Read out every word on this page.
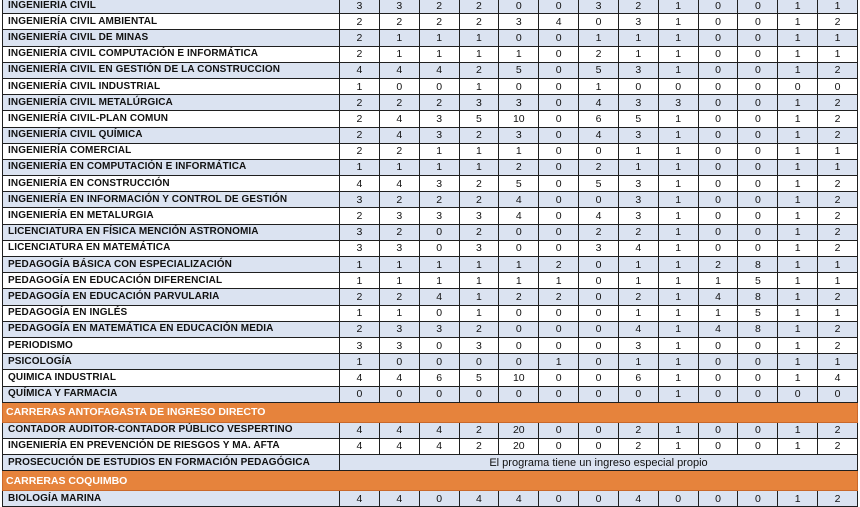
INGENIERÍA CIVIL	3	3	2	2	0	0	3	2	1	0	0	1	1
INGENIERÍA CIVIL AMBIENTAL	2	2	2	2	3	4	0	3	1	0	0	1	2
INGENIERÍA CIVIL DE MINAS	2	1	1	1	0	0	1	1	1	0	0	1	1
INGENIERÍA CIVIL COMPUTACIÓN E INFORMÁTICA	2	1	1	1	1	0	2	1	1	0	0	1	1
INGENIERÍA CIVIL EN GESTIÓN DE LA CONSTRUCCION	4	4	4	2	5	0	5	3	1	0	0	1	2
INGENIERÍA CIVIL INDUSTRIAL	1	0	0	1	0	0	1	0	0	0	0	0	0
INGENIERÍA CIVIL METALÚRGICA	2	2	2	3	3	0	4	3	3	0	0	1	2
INGENIERÍA CIVIL-PLAN COMUN	2	4	3	5	10	0	6	5	1	0	0	1	2
INGENIERÍA CIVIL QUÍMICA	2	4	3	2	3	0	4	3	1	0	0	1	2
INGENIERÍA COMERCIAL	2	2	1	1	1	0	0	1	1	0	0	1	1
INGENIERÍA EN COMPUTACIÓN E INFORMÁTICA	1	1	1	1	2	0	2	1	1	0	0	1	1
INGENIERÍA EN CONSTRUCCIÓN	4	4	3	2	5	0	5	3	1	0	0	1	2
INGENIERÍA EN INFORMACIÓN Y CONTROL DE GESTIÓN	3	2	2	2	4	0	0	3	1	0	0	1	2
INGENIERÍA EN METALURGIA	2	3	3	3	4	0	4	3	1	0	0	1	2
LICENCIATURA EN FÍSICA MENCIÓN ASTRONOMIA	3	2	0	2	0	0	2	2	1	0	0	1	2
LICENCIATURA EN MATEMÁTICA	3	3	0	3	0	0	3	4	1	0	0	1	2
PEDAGOGÍA BÁSICA CON ESPECIALIZACIÓN	1	1	1	1	1	2	0	1	1	2	8	1	1
PEDAGOGÍA EN EDUCACIÓN DIFERENCIAL	1	1	1	1	1	1	0	1	1	1	5	1	1
PEDAGOGÍA EN EDUCACIÓN PARVULARIA	2	2	4	1	2	2	0	2	1	4	8	1	2
PEDAGOGÍA EN INGLÉS	1	1	0	1	0	0	0	1	1	1	5	1	1
PEDAGOGÍA EN MATEMÁTICA EN EDUCACIÓN MEDIA	2	3	3	2	0	0	0	4	1	4	8	1	2
PERIODISMO	3	3	0	3	0	0	0	3	1	0	0	1	2
PSICOLOGÍA	1	0	0	0	0	1	0	1	1	0	0	1	1
QUIMICA INDUSTRIAL	4	4	6	5	10	0	0	6	1	0	0	1	4
QUÍMICA Y FARMACIA	0	0	0	0	0	0	0	0	1	0	0	0	0
CARRERAS ANTOFAGASTA DE INGRESO DIRECTO													
CONTADOR AUDITOR-CONTADOR PÚBLICO VESPERTINO	4	4	4	2	20	0	0	2	1	0	0	1	2
INGENIERÍA EN PREVENCIÓN DE RIESGOS Y MA. AFTA	4	4	4	2	20	0	0	2	1	0	0	1	2
PROSECUCIÓN DE ESTUDIOS EN FORMACIÓN PEDAGÓGICA	El programa tiene un ingreso especial propio												
CARRERAS COQUIMBO													
BIOLOGÍA MARINA	4	4	0	4	4	0	0	4	0	0	0	1	2
